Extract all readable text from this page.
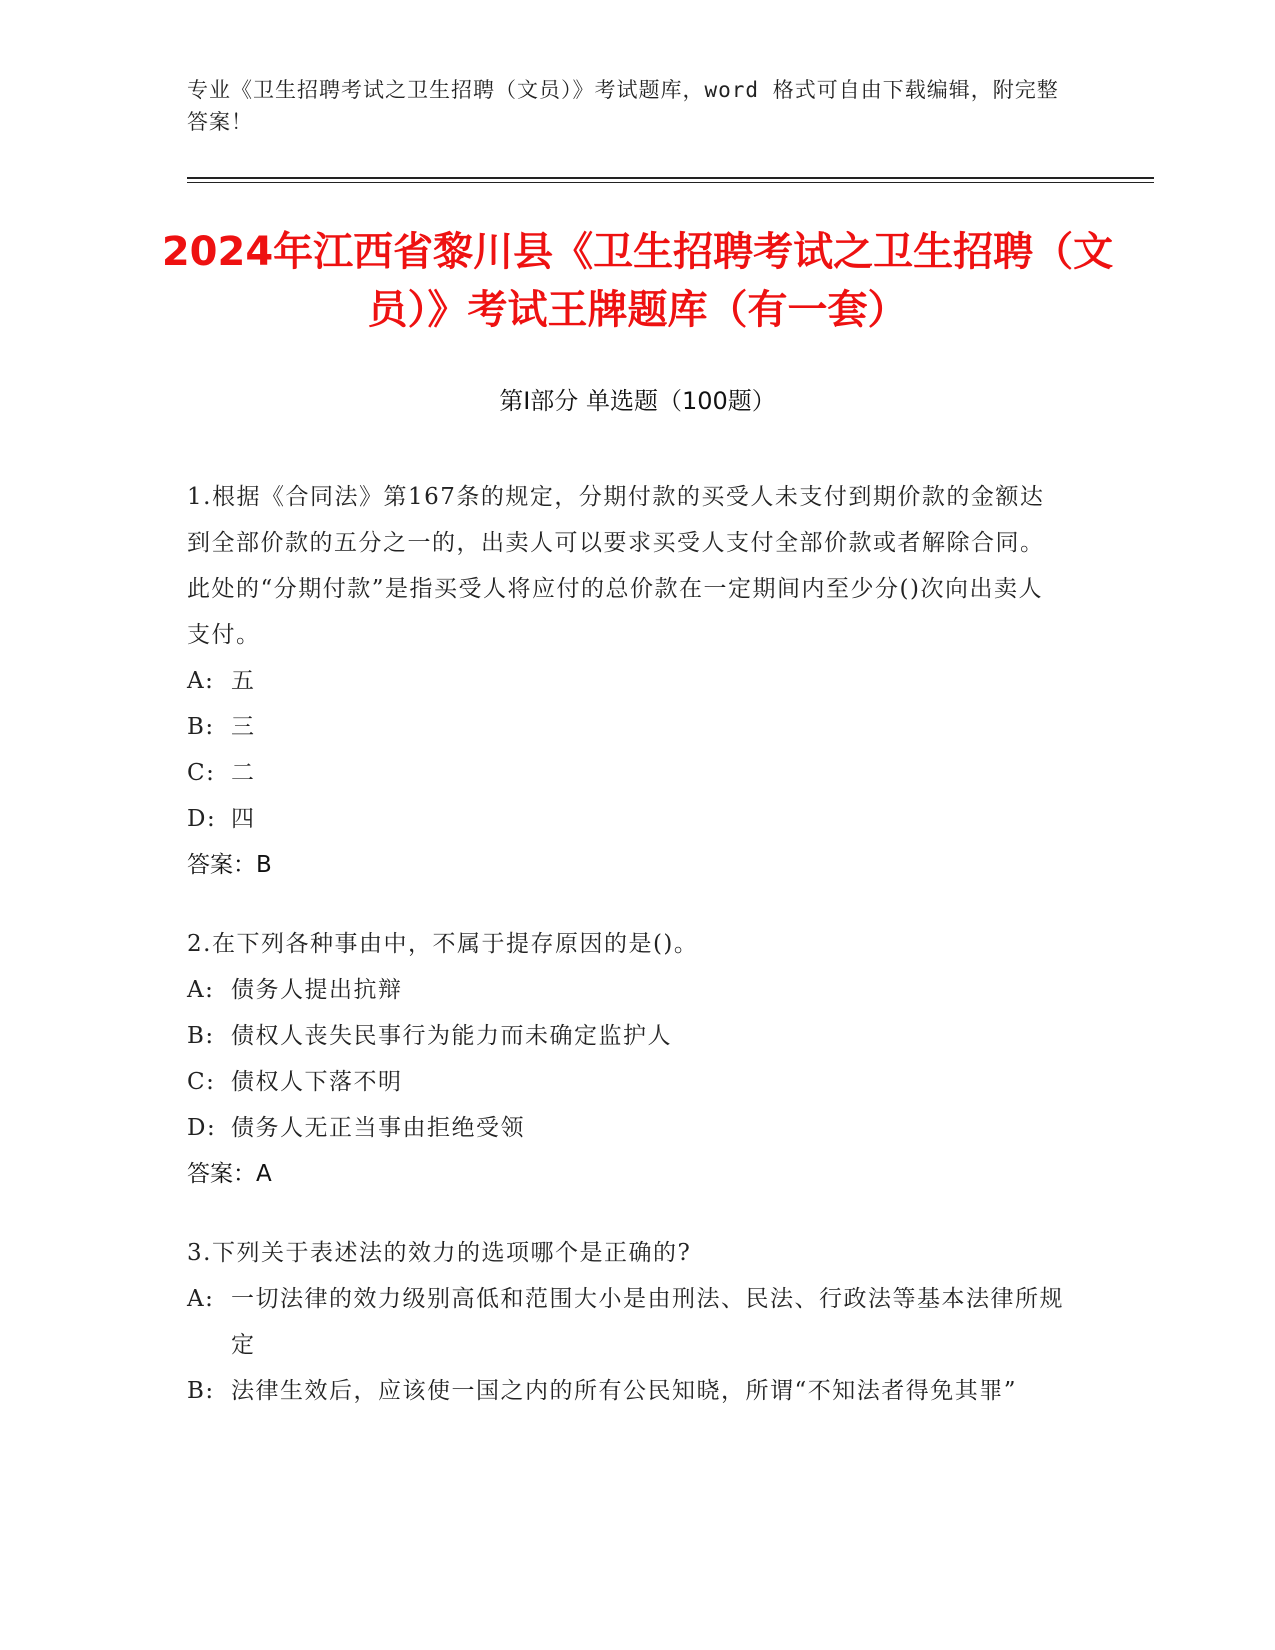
专业《卫生招聘考试之卫生招聘（文员）》考试题库，word 格式可自由下载编辑，附完整答案！
2024年江西省黎川县《卫生招聘考试之卫生招聘（文员）》考试王牌题库（有一套）
第Ⅰ部分 单选题（100题）
1.根据《合同法》第167条的规定，分期付款的买受人未支付到期价款的金额达到全部价款的五分之一的，出卖人可以要求买受人支付全部价款或者解除合同。此处的“分期付款”是指买受人将应付的总价款在一定期间内至少分()次向出卖人支付。
A: 五
B: 三
C: 二
D: 四
答案：B
2.在下列各种事由中，不属于提存原因的是()。
A: 债务人提出抗辩
B: 债权人丧失民事行为能力而未确定监护人
C: 债权人下落不明
D: 债务人无正当事由拒绝受领
答案：A
3.下列关于表述法的效力的选项哪个是正确的?
A: 一切法律的效力级别高低和范围大小是由刑法、民法、行政法等基本法律所规定
B: 法律生效后，应该使一国之内的所有公民知晓，所谓“不知法者得免其罪”
